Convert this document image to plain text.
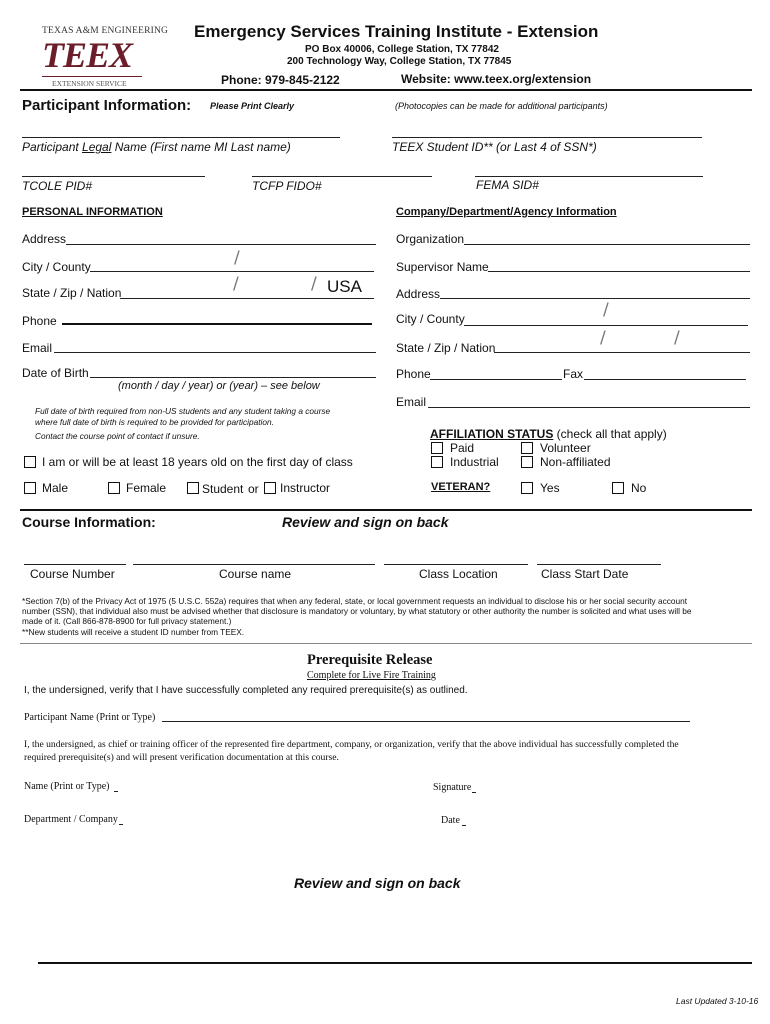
TEXAS A&M ENGINEERING
TEEX
EXTENSION SERVICE
Emergency Services Training Institute - Extension
PO Box 40006, College Station, TX 77842
200 Technology Way, College Station, TX 77845
Phone: 979-845-2122	Website: www.teex.org/extension
Participant Information: Please Print Clearly	(Photocopies can be made for additional participants)
Participant Legal Name (First name MI Last name)	TEEX Student ID** (or Last 4 of SSN*)
TCOLE PID#	TCFP FIDO#	FEMA SID#
PERSONAL INFORMATION
Address
City / County	/
State / Zip / Nation	/	/ USA
Phone
Email
Date of Birth
(month / day / year) or (year) – see below
Full date of birth required from non-US students and any student taking a course
where full date of birth is required to be provided for participation.
Contact the course point of contact if unsure.
I am or will be at least 18 years old on the first day of class
Male	Female	Student or Instructor
Company/Department/Agency Information
Organization
Supervisor Name
Address
City / County	/
State / Zip / Nation	/	/
Phone	Fax
Email
AFFILIATION STATUS (check all that apply)
Paid	Volunteer
Industrial	Non-affiliated
VETERAN?	Yes	No
Course Information:	Review and sign on back
Course Number	Course name	Class Location	Class Start Date
*Section 7(b) of the Privacy Act of 1975 (5 U.S.C. 552a) requires that when any federal, state, or local government requests an individual to disclose his or her social security account
number (SSN), that individual also must be advised whether that disclosure is mandatory or voluntary, by what statutory or other authority the number is solicited and what uses will be
made of it. (Call 866-878-8900 for full privacy statement.)
**New students will receive a student ID number from TEEX.
Prerequisite Release
Complete for Live Fire Training
I, the undersigned, verify that I have successfully completed any required prerequisite(s) as outlined.
Participant Name (Print or Type)
I, the undersigned, as chief or training officer of the represented fire department, company, or organization, verify that the above individual has successfully completed the
required prerequisite(s) and will present verification documentation at this course.
Name (Print or Type)	Signature
Department / Company	Date
Review and sign on back
Last Updated 3-10-16
